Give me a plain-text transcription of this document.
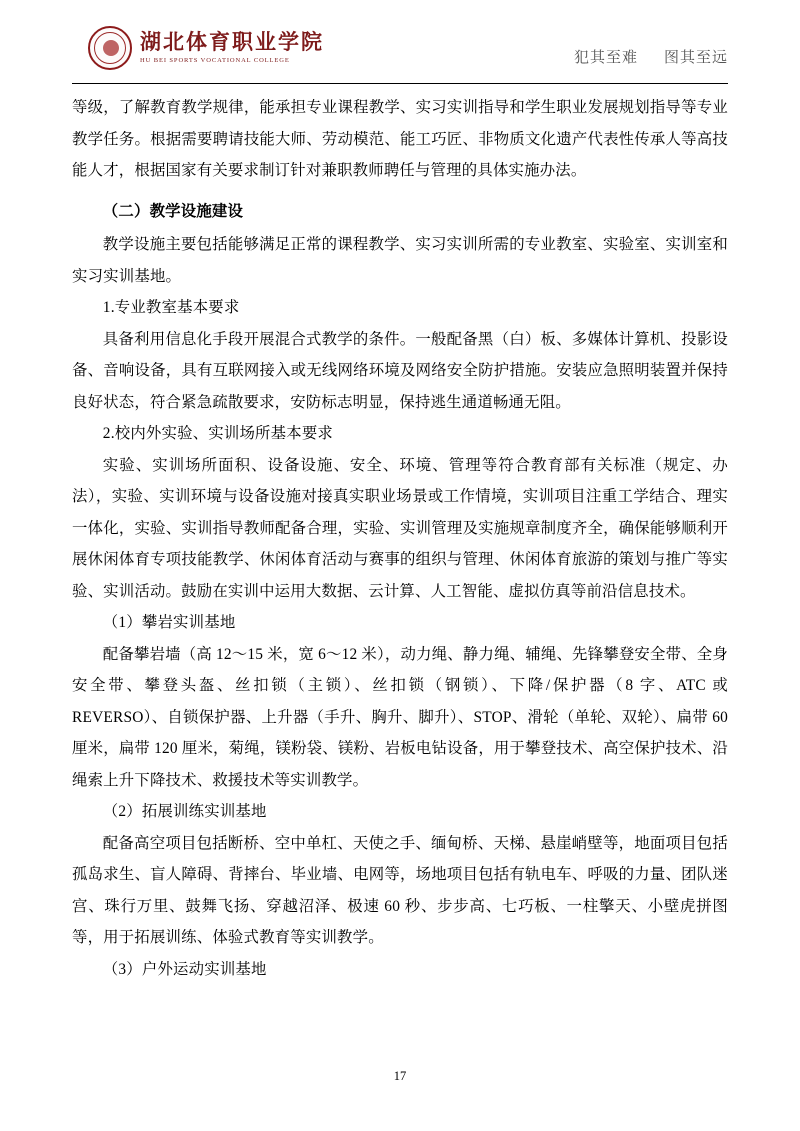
湖北体育职业学院
HU BEI SPORTS VOCATIONAL COLLEGE	犯其至难 图其至远

等级，了解教育教学规律，能承担专业课程教学、实习实训指导和学生职业发展规划指导等专业教学任务。根据需要聘请技能大师、劳动模范、能工巧匠、非物质文化遗产代表性传承人等高技能人才，根据国家有关要求制订针对兼职教师聘任与管理的具体实施办法。

（二）教学设施建设

教学设施主要包括能够满足正常的课程教学、实习实训所需的专业教室、实验室、实训室和实习实训基地。

1.专业教室基本要求

具备利用信息化手段开展混合式教学的条件。一般配备黑（白）板、多媒体计算机、投影设备、音响设备，具有互联网接入或无线网络环境及网络安全防护措施。安装应急照明装置并保持良好状态，符合紧急疏散要求，安防标志明显，保持逃生通道畅通无阻。

2.校内外实验、实训场所基本要求

实验、实训场所面积、设备设施、安全、环境、管理等符合教育部有关标准（规定、办法），实验、实训环境与设备设施对接真实职业场景或工作情境，实训项目注重工学结合、理实一体化，实验、实训指导教师配备合理，实验、实训管理及实施规章制度齐全，确保能够顺利开展休闲体育专项技能教学、休闲体育活动与赛事的组织与管理、休闲体育旅游的策划与推广等实验、实训活动。鼓励在实训中运用大数据、云计算、人工智能、虚拟仿真等前沿信息技术。

（1）攀岩实训基地

配备攀岩墙（高 12～15 米，宽 6～12 米），动力绳、静力绳、辅绳、先锋攀登安全带、全身安全带、攀登头盔、丝扣锁（主锁）、丝扣锁（钢锁）、下降/保护器（8 字、ATC 或 REVERSO）、自锁保护器、上升器（手升、胸升、脚升）、STOP、滑轮（单轮、双轮）、扁带 60 厘米，扁带 120 厘米，菊绳，镁粉袋、镁粉、岩板电钻设备，用于攀登技术、高空保护技术、沿绳索上升下降技术、救援技术等实训教学。

（2）拓展训练实训基地

配备高空项目包括断桥、空中单杠、天使之手、缅甸桥、天梯、悬崖峭壁等，地面项目包括孤岛求生、盲人障碍、背摔台、毕业墙、电网等，场地项目包括有轨电车、呼吸的力量、团队迷宫、珠行万里、鼓舞飞扬、穿越沼泽、极速 60 秒、步步高、七巧板、一柱擎天、小壁虎拼图等，用于拓展训练、体验式教育等实训教学。

（3）户外运动实训基地

17
